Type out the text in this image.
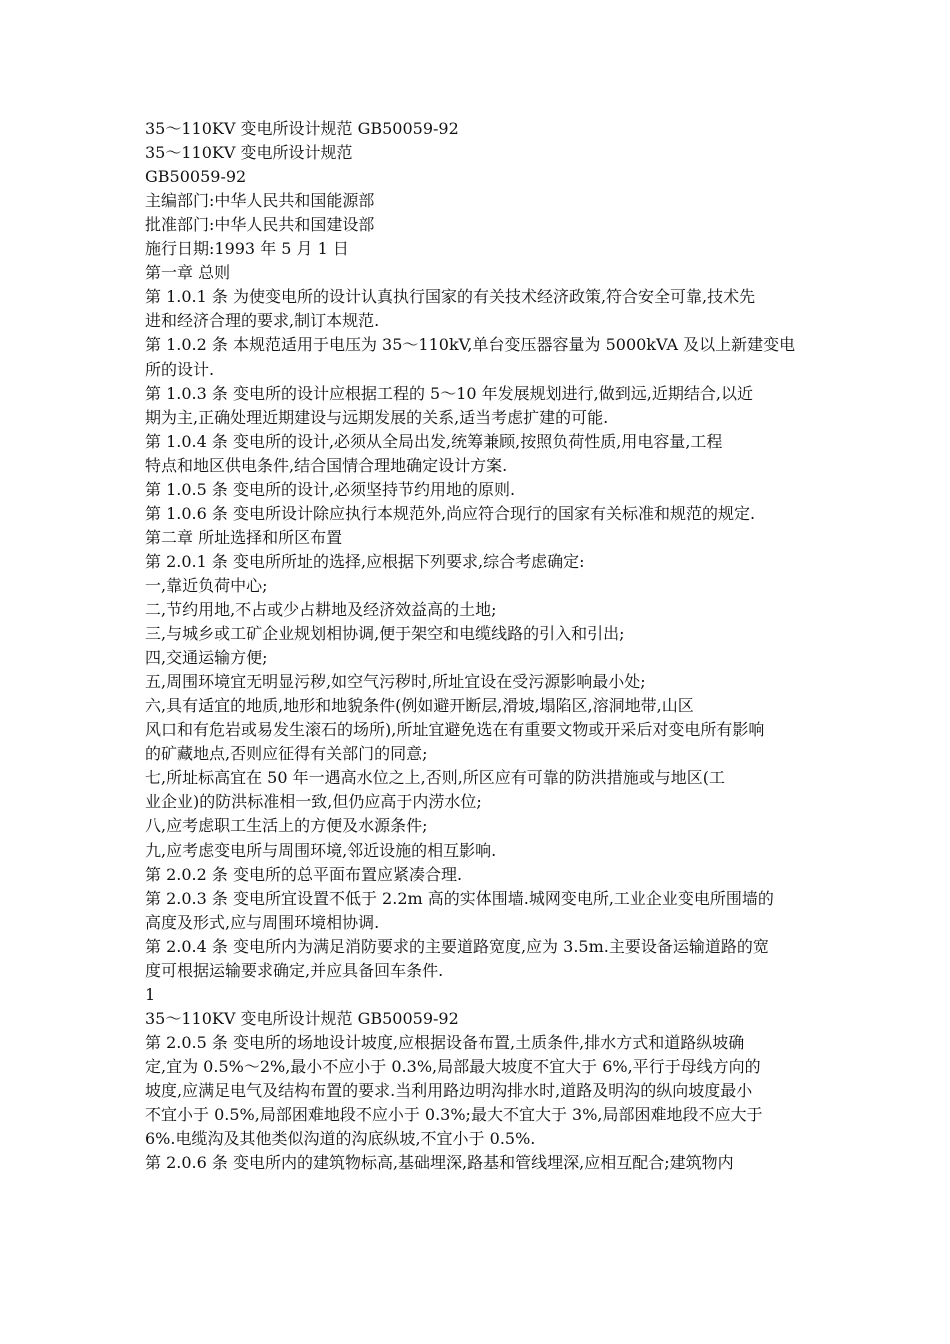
35～110KV 变电所设计规范 GB50059-92
35～110KV 变电所设计规范
GB50059-92
主编部门:中华人民共和国能源部
批准部门:中华人民共和国建设部
施行日期:1993 年 5 月 1 日
第一章 总则
第 1.0.1 条 为使变电所的设计认真执行国家的有关技术经济政策,符合安全可靠,技术先
进和经济合理的要求,制订本规范.
第 1.0.2 条 本规范适用于电压为 35～110kV,单台变压器容量为 5000kVA 及以上新建变电
所的设计.
第 1.0.3 条 变电所的设计应根据工程的 5～10 年发展规划进行,做到远,近期结合,以近
期为主,正确处理近期建设与远期发展的关系,适当考虑扩建的可能.
第 1.0.4 条 变电所的设计,必须从全局出发,统筹兼顾,按照负荷性质,用电容量,工程
特点和地区供电条件,结合国情合理地确定设计方案.
第 1.0.5 条 变电所的设计,必须坚持节约用地的原则.
第 1.0.6 条 变电所设计除应执行本规范外,尚应符合现行的国家有关标准和规范的规定.
第二章 所址选择和所区布置
第 2.0.1 条 变电所所址的选择,应根据下列要求,综合考虑确定:
一,靠近负荷中心;
二,节约用地,不占或少占耕地及经济效益高的土地;
三,与城乡或工矿企业规划相协调,便于架空和电缆线路的引入和引出;
四,交通运输方便;
五,周围环境宜无明显污秽,如空气污秽时,所址宜设在受污源影响最小处;
六,具有适宜的地质,地形和地貌条件(例如避开断层,滑坡,塌陷区,溶洞地带,山区
风口和有危岩或易发生滚石的场所),所址宜避免选在有重要文物或开采后对变电所有影响
的矿藏地点,否则应征得有关部门的同意;
七,所址标高宜在 50 年一遇高水位之上,否则,所区应有可靠的防洪措施或与地区(工
业企业)的防洪标准相一致,但仍应高于内涝水位;
八,应考虑职工生活上的方便及水源条件;
九,应考虑变电所与周围环境,邻近设施的相互影响.
第 2.0.2 条 变电所的总平面布置应紧凑合理.
第 2.0.3 条 变电所宜设置不低于 2.2m 高的实体围墙.城网变电所,工业企业变电所围墙的
高度及形式,应与周围环境相协调.
第 2.0.4 条 变电所内为满足消防要求的主要道路宽度,应为 3.5m.主要设备运输道路的宽
度可根据运输要求确定,并应具备回车条件.
1
35～110KV 变电所设计规范 GB50059-92
第 2.0.5 条 变电所的场地设计坡度,应根据设备布置,土质条件,排水方式和道路纵坡确
定,宜为 0.5%～2%,最小不应小于 0.3%,局部最大坡度不宜大于 6%,平行于母线方向的
坡度,应满足电气及结构布置的要求.当利用路边明沟排水时,道路及明沟的纵向坡度最小
不宜小于 0.5%,局部困难地段不应小于 0.3%;最大不宜大于 3%,局部困难地段不应大于
6%.电缆沟及其他类似沟道的沟底纵坡,不宜小于 0.5%.
第 2.0.6 条 变电所内的建筑物标高,基础埋深,路基和管线埋深,应相互配合;建筑物内
